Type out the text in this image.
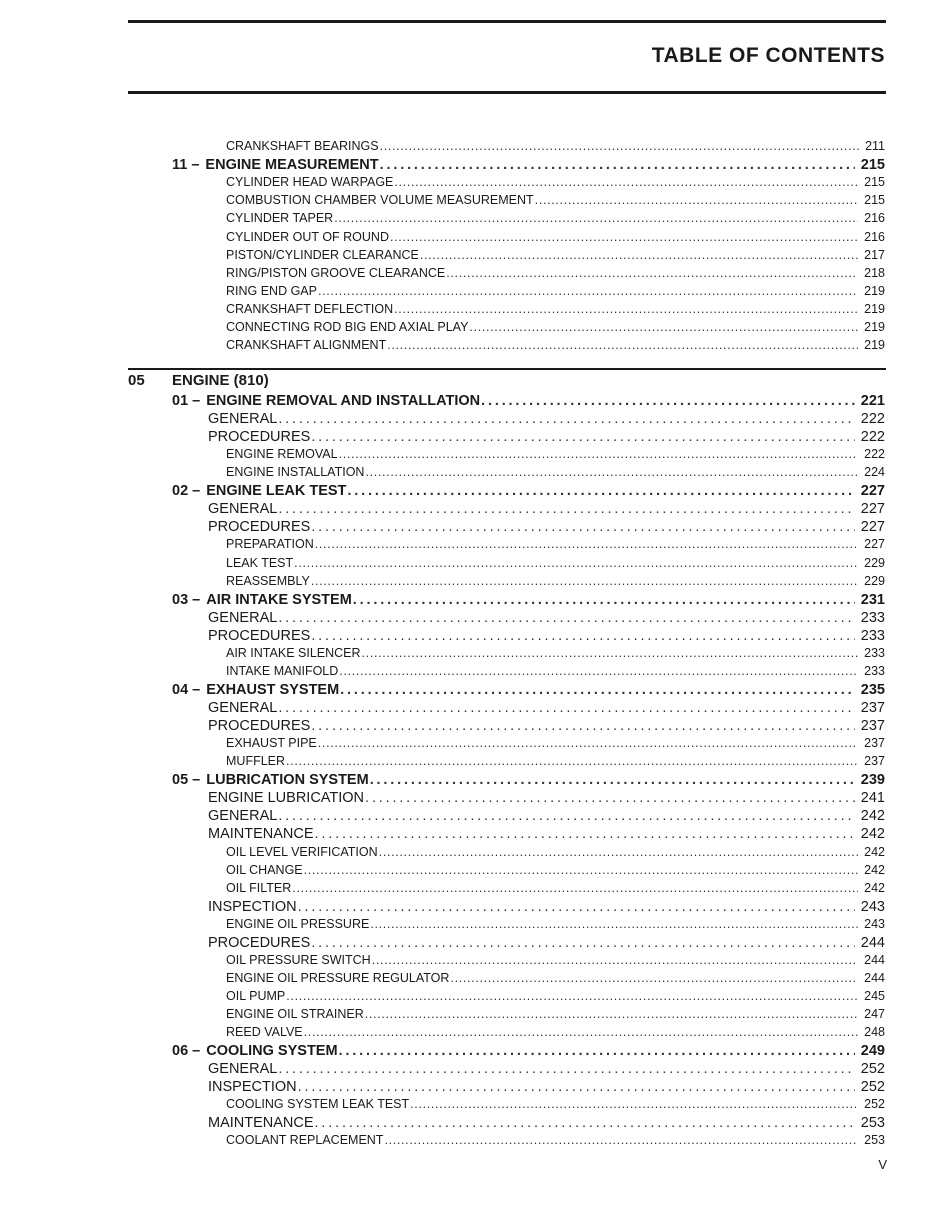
TABLE OF CONTENTS
05 ENGINE (810)
V
CRANKSHAFT BEARINGS . . .	211
11 – ENGINE MEASUREMENT . . .	215
CYLINDER HEAD WARPAGE . . .	215
COMBUSTION CHAMBER VOLUME MEASUREMENT . . .	215
CYLINDER TAPER . . .	216
CYLINDER OUT OF ROUND . . .	216
PISTON/CYLINDER CLEARANCE . . .	217
RING/PISTON GROOVE CLEARANCE . . .	218
RING END GAP . . .	219
CRANKSHAFT DEFLECTION . . .	219
CONNECTING ROD BIG END AXIAL PLAY . . .	219
CRANKSHAFT ALIGNMENT . . .	219
01 – ENGINE REMOVAL AND INSTALLATION . . .	221
GENERAL . . .	222
PROCEDURES . . .	222
ENGINE REMOVAL . . .	222
ENGINE INSTALLATION . . .	224
02 – ENGINE LEAK TEST . . .	227
GENERAL . . .	227
PROCEDURES . . .	227
PREPARATION . . .	227
LEAK TEST . . .	229
REASSEMBLY . . .	229
03 – AIR INTAKE SYSTEM . . .	231
GENERAL . . .	233
PROCEDURES . . .	233
AIR INTAKE SILENCER . . .	233
INTAKE MANIFOLD . . .	233
04 – EXHAUST SYSTEM . . .	235
GENERAL . . .	237
PROCEDURES . . .	237
EXHAUST PIPE . . .	237
MUFFLER . . .	237
05 – LUBRICATION SYSTEM . . .	239
ENGINE LUBRICATION . . .	241
GENERAL . . .	242
MAINTENANCE . . .	242
OIL LEVEL VERIFICATION . . .	242
OIL CHANGE . . .	242
OIL FILTER . . .	242
INSPECTION . . .	243
ENGINE OIL PRESSURE . . .	243
PROCEDURES . . .	244
OIL PRESSURE SWITCH . . .	244
ENGINE OIL PRESSURE REGULATOR . . .	244
OIL PUMP . . .	245
ENGINE OIL STRAINER . . .	247
REED VALVE . . .	248
06 – COOLING SYSTEM . . .	249
GENERAL . . .	252
INSPECTION . . .	252
COOLING SYSTEM LEAK TEST . . .	252
MAINTENANCE . . .	253
COOLANT REPLACEMENT . . .	253
